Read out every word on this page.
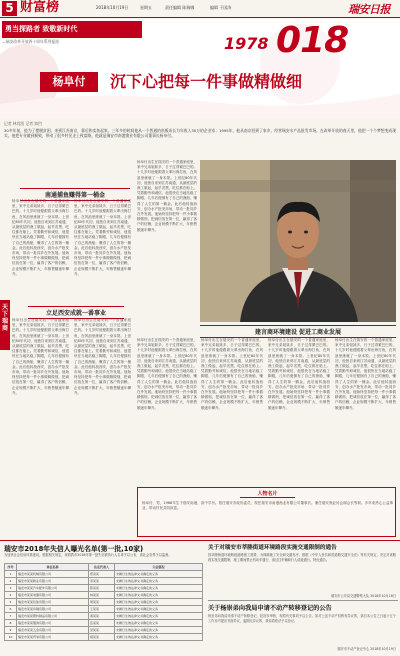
5 财富榜	2018年10月19日	星期五	责任编辑 陈瑞娜	编辑 干国涛	瑞安日报
勇当探路者 致敬新时代
—瑞安改革开放四十周年系列报道	1978 018
杨阜付	沉下心把每一件事做精做细
记者 林肖凯 记者 知凹
30多年前，他为了摆脱贫困，来到江苏南京，靠后和卖鱼起家。三年多的时间他从一个普通的鱼贩成长为年收入30万的企业家；1995年，他从南京回到了家乡，经营瑞安水产品批发市场。在改革开放的春天里，他把一个个梦想变成现实。他把专业做到极致，带动了很多村民走上致富路，他就是瑞安市南港渔业有限公司董事长杨阜付。
天下瑞商
南通捕鱼赚得第一桶金
杨阜付出生在瑞安的一个普通家庭里，家中兄弟姐妹多，日子过得紧巴巴的。十几岁时他便跟着父辈出海打鱼，在风浪里练就了一身本领。上世纪80年代初，他独自来到江苏南通，从最底层的渔工做起，起早贪黑，吃住都在船上。凭着勤劳和诚信，他很快在当地站稳了脚跟，几年后便拥有了自己的渔船，赚得了人生的第一桶金。此后他转战西安，创办水产批发市场，带动一批同乡在外发展。他始终坚持把每一件小事做精做细，把诚信放在第一位，赢得了客户的信赖，企业规模不断扩大，年销售额逐年攀升。
杨阜付出生在瑞安的一个普通家庭里，家中兄弟姐妹多，日子过得紧巴巴的。十几岁时他便跟着父辈出海打鱼，在风浪里练就了一身本领。上世纪80年代初，他独自来到江苏南通，从最底层的渔工做起，起早贪黑，吃住都在船上。凭着勤劳和诚信，他很快在当地站稳了脚跟，几年后便拥有了自己的渔船，赚得了人生的第一桶金。此后他转战西安，创办水产批发市场，带动一批同乡在外发展。他始终坚持把每一件小事做精做细，把诚信放在第一位，赢得了客户的信赖，企业规模不断扩大，年销售额逐年攀升。
立足西安成就一番事业
杨阜付出生在瑞安的一个普通家庭里，家中兄弟姐妹多，日子过得紧巴巴的。十几岁时他便跟着父辈出海打鱼，在风浪里练就了一身本领。上世纪80年代初，他独自来到江苏南通，从最底层的渔工做起，起早贪黑，吃住都在船上。凭着勤劳和诚信，他很快在当地站稳了脚跟，几年后便拥有了自己的渔船，赚得了人生的第一桶金。此后他转战西安，创办水产批发市场，带动一批同乡在外发展。他始终坚持把每一件小事做精做细，把诚信放在第一位，赢得了客户的信赖，企业规模不断扩大，年销售额逐年攀升。
杨阜付出生在瑞安的一个普通家庭里，家中兄弟姐妹多，日子过得紧巴巴的。十几岁时他便跟着父辈出海打鱼，在风浪里练就了一身本领。上世纪80年代初，他独自来到江苏南通，从最底层的渔工做起，起早贪黑，吃住都在船上。凭着勤劳和诚信，他很快在当地站稳了脚跟，几年后便拥有了自己的渔船，赚得了人生的第一桶金。此后他转战西安，创办水产批发市场，带动一批同乡在外发展。他始终坚持把每一件小事做精做细，把诚信放在第一位，赢得了客户的信赖，企业规模不断扩大，年销售额逐年攀升。
杨阜付出生在瑞安的一个普通家庭里，家中兄弟姐妹多，日子过得紧巴巴的。十几岁时他便跟着父辈出海打鱼，在风浪里练就了一身本领。上世纪80年代初，他独自来到江苏南通，从最底层的渔工做起，起早贪黑，吃住都在船上。凭着勤劳和诚信，他很快在当地站稳了脚跟，几年后便拥有了自己的渔船，赚得了人生的第一桶金。此后他转战西安，创办水产批发市场，带动一批同乡在外发展。他始终坚持把每一件小事做精做细，把诚信放在第一位，赢得了客户的信赖，企业规模不断扩大，年销售额逐年攀升。
建言商环境建设 促进工商业发展
杨阜付出生在瑞安的一个普通家庭里，家中兄弟姐妹多，日子过得紧巴巴的。十几岁时他便跟着父辈出海打鱼，在风浪里练就了一身本领。上世纪80年代初，他独自来到江苏南通，从最底层的渔工做起，起早贪黑，吃住都在船上。凭着勤劳和诚信，他很快在当地站稳了脚跟，几年后便拥有了自己的渔船，赚得了人生的第一桶金。此后他转战西安，创办水产批发市场，带动一批同乡在外发展。他始终坚持把每一件小事做精做细，把诚信放在第一位，赢得了客户的信赖，企业规模不断扩大，年销售额逐年攀升。
杨阜付出生在瑞安的一个普通家庭里，家中兄弟姐妹多，日子过得紧巴巴的。十几岁时他便跟着父辈出海打鱼，在风浪里练就了一身本领。上世纪80年代初，他独自来到江苏南通，从最底层的渔工做起，起早贪黑，吃住都在船上。凭着勤劳和诚信，他很快在当地站稳了脚跟，几年后便拥有了自己的渔船，赚得了人生的第一桶金。此后他转战西安，创办水产批发市场，带动一批同乡在外发展。他始终坚持把每一件小事做精做细，把诚信放在第一位，赢得了客户的信赖，企业规模不断扩大，年销售额逐年攀升。
杨阜付出生在瑞安的一个普通家庭里，家中兄弟姐妹多，日子过得紧巴巴的。十几岁时他便跟着父辈出海打鱼，在风浪里练就了一身本领。上世纪80年代初，他独自来到江苏南通，从最底层的渔工做起，起早贪黑，吃住都在船上。凭着勤劳和诚信，他很快在当地站稳了脚跟，几年后便拥有了自己的渔船，赚得了人生的第一桶金。此后他转战西安，创办水产批发市场，带动一批同乡在外发展。他始终坚持把每一件小事做精做细，把诚信放在第一位，赢得了客户的信赖，企业规模不断扩大，年销售额逐年攀升。
杨阜付出生在瑞安的一个普通家庭里，家中兄弟姐妹多，日子过得紧巴巴的。十几岁时他便跟着父辈出海打鱼，在风浪里练就了一身本领。上世纪80年代初，他独自来到江苏南通，从最底层的渔工做起，起早贪黑，吃住都在船上。凭着勤劳和诚信，他很快在当地站稳了脚跟，几年后便拥有了自己的渔船，赚得了人生的第一桶金。此后他转战西安，创办水产批发市场，带动一批同乡在外发展。他始终坚持把每一件小事做精做细，把诚信放在第一位，赢得了客户的信赖，企业规模不断扩大，年销售额逐年攀升。
人物名片
杨阜付，男，1968年生于瑞安南港，高中学历。曾任瑞安市政协委员，现任瑞安市南港渔业有限公司董事长。兼任瑞安渔业协会副会长等职。多年来热心公益事业，带动村民共同致富。
瑞安市2018年失信人曝光名单(第一批,10家)
为加快社会信用体系建设，根据相关规定，现将我市2018年第一批失信被执行人名单予以公布，请社会各界予以监督。
序号	单位名称	法定代表人	失信情况
1	瑞安市某某机械有限公司	郑某某	未履行生效法律文书确定的义务
2	瑞安市某某鞋业有限公司	李某某	未履行生效法律文书确定的义务
3	瑞安市某某汽车配件有限公司	陈某某	未履行生效法律文书确定的义务
4	瑞安市某某电器有限公司	林某某	未履行生效法律文书确定的义务
5	瑞安市某某包装有限公司	周某某	未履行生效法律文书确定的义务
6	瑞安市某某印刷有限公司	王某某	未履行生效法律文书确定的义务
7	瑞安市某某塑料制品有限公司	黄某某	未履行生效法律文书确定的义务
8	瑞安市某某服饰有限公司	张某某	未履行生效法律文书确定的义务
9	瑞安市某某五金有限公司	吴某某	未履行生效法律文书确定的义务
10	瑞安市某某贸易有限公司	胡某某	未履行生效法律文书确定的义务
关于对瑞安市莘塍街道环境路段实施交通限制的通告
因莘塍街道环境路段道路施工需要，为保障施工安全和交通有序，根据《中华人民共和国道路交通安全法》等有关规定，决定对该路段实施交通限制，施工期间禁止机动车通行，请过往车辆和行人绕道通行。特此通告。
瑞安市公安局交通警察大队 2018年10月18日
关于杨崇弟向我局申请不动产转移登记的公告
杨崇弟向我局申请不动产转移登记，经初步审核，现将有关事项予以公告。如对上述不动产权利有异议的，请自本公告之日起十五个工作日内提出书面异议，逾期无异议的，我局将依法予以登记。
瑞安市不动产登记中心 2018年10月19日
